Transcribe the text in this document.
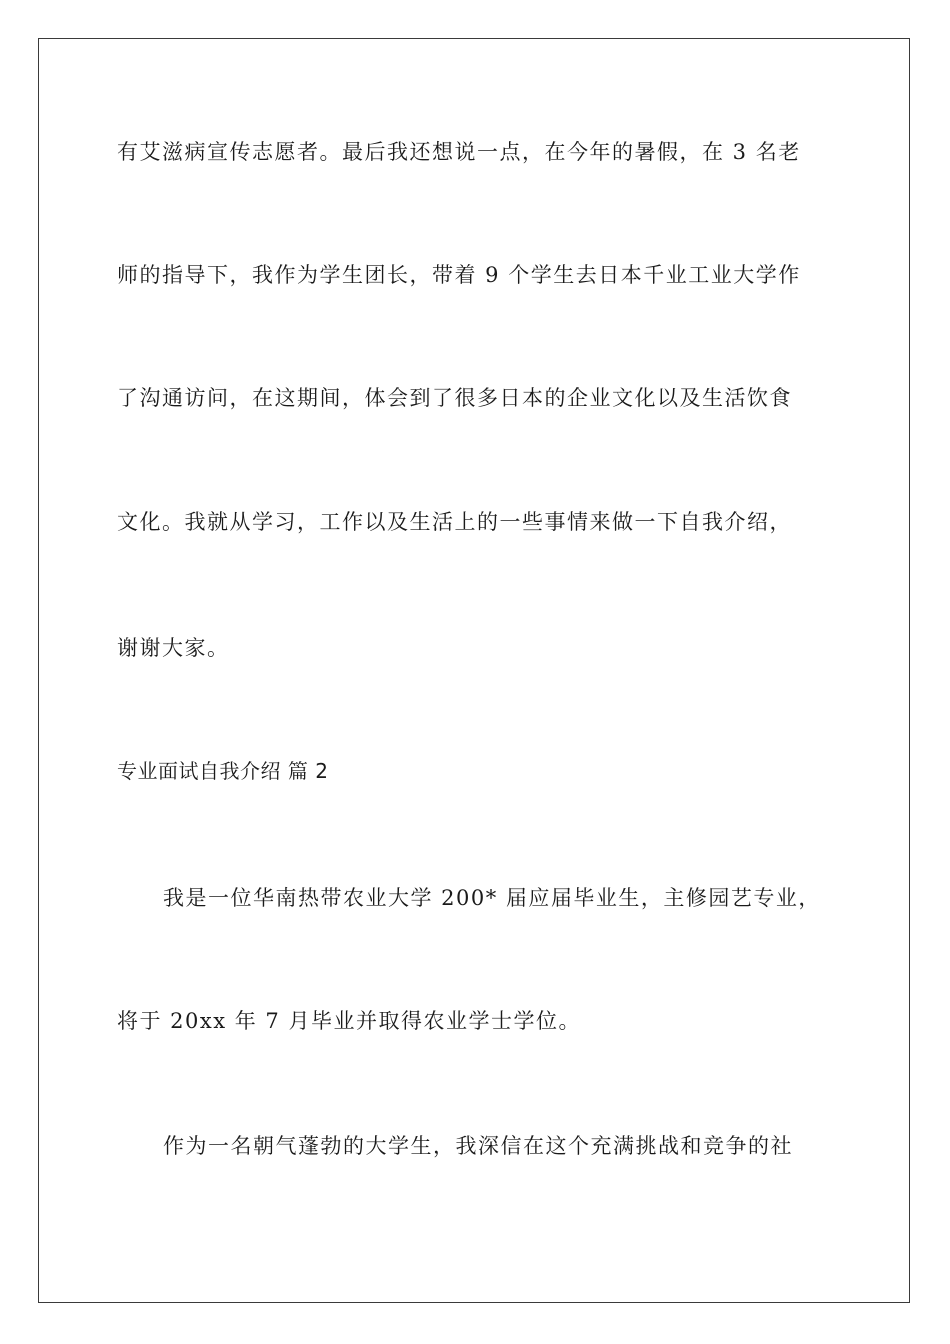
有艾滋病宣传志愿者。最后我还想说一点，在今年的暑假，在 3 名老
师的指导下，我作为学生团长，带着 9 个学生去日本千业工业大学作
了沟通访问，在这期间，体会到了很多日本的企业文化以及生活饮食
文化。我就从学习，工作以及生活上的一些事情来做一下自我介绍，
谢谢大家。
专业面试自我介绍 篇 2
我是一位华南热带农业大学 200* 届应届毕业生，主修园艺专业，
将于 20xx 年 7 月毕业并取得农业学士学位。
作为一名朝气蓬勃的大学生，我深信在这个充满挑战和竞争的社
